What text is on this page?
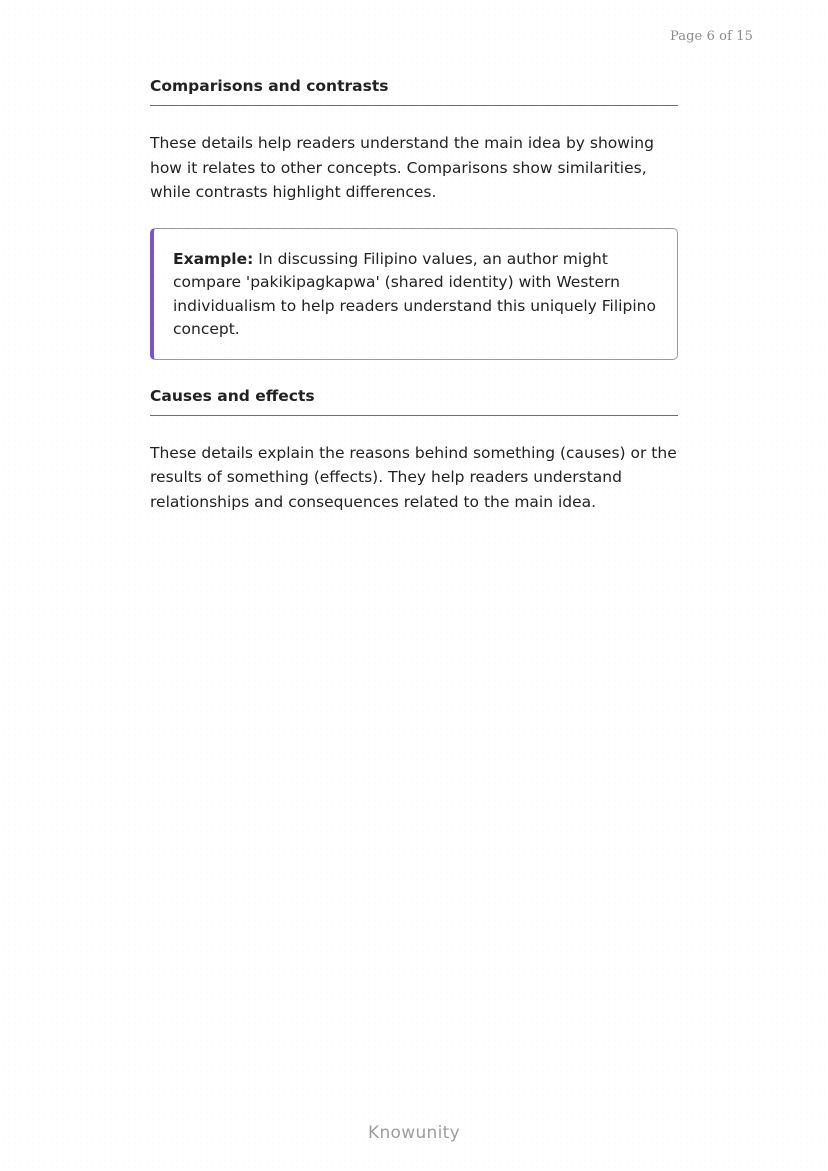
Page 6 of 15
Comparisons and contrasts

These details help readers understand the main idea by showing how it relates to other concepts. Comparisons show similarities, while contrasts highlight differences.

Example: In discussing Filipino values, an author might compare 'pakikipagkapwa' (shared identity) with Western individualism to help readers understand this uniquely Filipino concept.
Causes and effects

These details explain the reasons behind something (causes) or the results of something (effects). They help readers understand relationships and consequences related to the main idea.

Knowunity
